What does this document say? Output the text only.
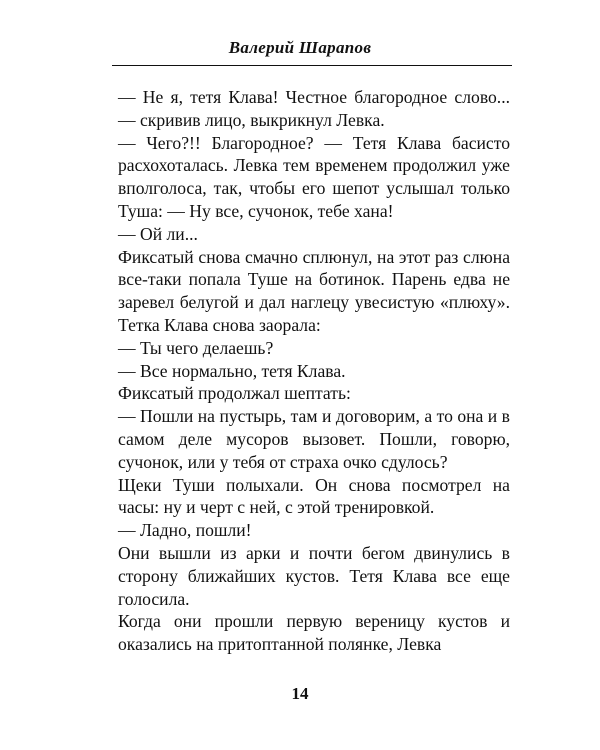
Валерий Шарапов

— Не я, тетя Клава! Честное благородное слово... — скривив лицо, выкрикнул Левка.

— Чего?!! Благородное? — Тетя Клава басисто расхохоталась. Левка тем временем продолжил уже вполголоса, так, чтобы его шепот услышал только Туша: — Ну все, сучонок, тебе хана!

— Ой ли...

Фиксатый снова смачно сплюнул, на этот раз слюна все-таки попала Туше на ботинок. Парень едва не заревел белугой и дал наглецу увесистую «плюху». Тетка Клава снова заорала:

— Ты чего делаешь?

— Все нормально, тетя Клава.

Фиксатый продолжал шептать:

— Пошли на пустырь, там и договорим, а то она и в самом деле мусоров вызовет. Пошли, говорю, сучонок, или у тебя от страха очко сдулось?

Щеки Туши полыхали. Он снова посмотрел на часы: ну и черт с ней, с этой тренировкой.

— Ладно, пошли!

Они вышли из арки и почти бегом двинулись в сторону ближайших кустов. Тетя Клава все еще голосила.

Когда они прошли первую вереницу кустов и оказались на притоптанной полянке, Левка

14
